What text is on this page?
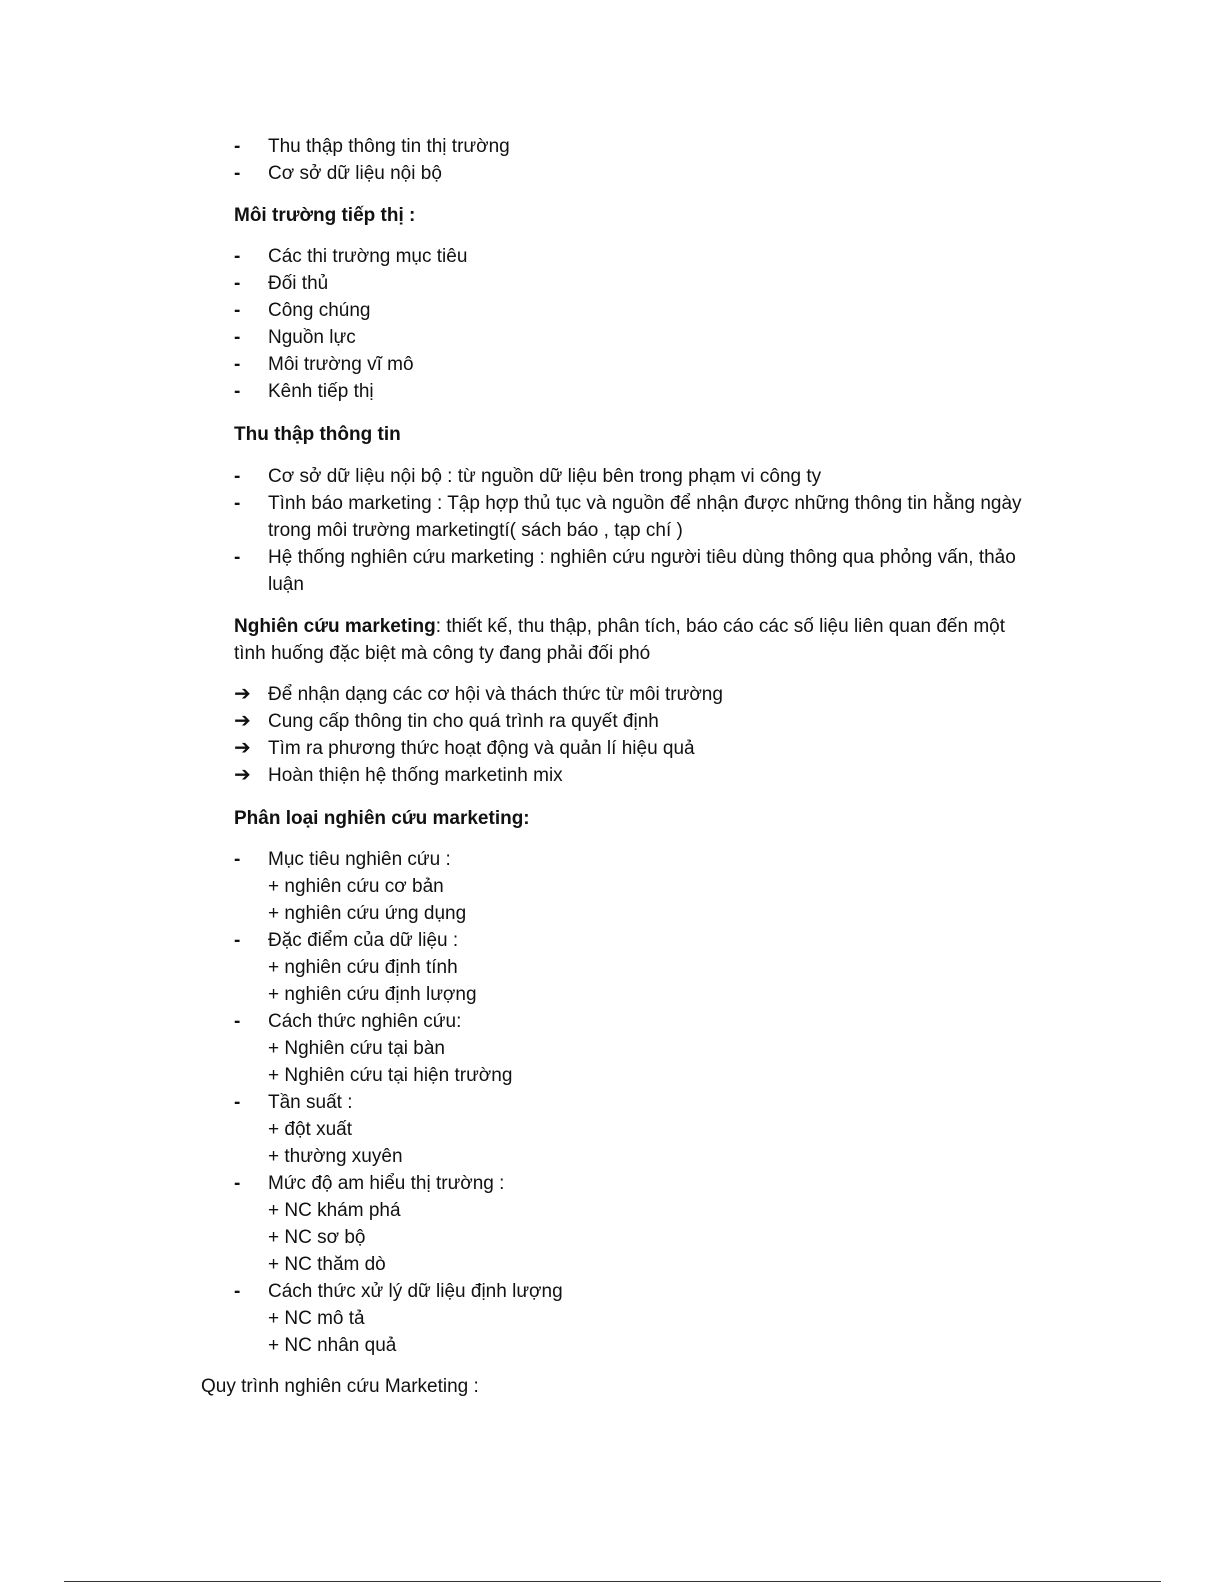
-	Thu thập thông tin thị trường
-	Cơ sở dữ liệu nội bộ
Môi trường tiếp thị :
-	Các thi trường mục tiêu
-	Đối thủ
-	Công chúng
-	Nguồn lực
-	Môi trường vĩ mô
-	Kênh tiếp thị
Thu thập thông tin
-	Cơ sở dữ liệu nội bộ : từ nguồn dữ liệu bên trong phạm vi công ty
-	Tình báo marketing : Tập hợp thủ tục và nguồn để nhận được những thông tin hằng ngày trong môi trường marketingtí( sách báo , tạp chí )
-	Hệ thống nghiên cứu marketing : nghiên cứu người tiêu dùng thông qua phỏng vấn, thảo luận
Nghiên cứu marketing: thiết kế, thu thập, phân tích, báo cáo các số liệu liên quan đến một tình huống đặc biệt mà công ty đang phải đối phó
➔ Để nhận dạng các cơ hội và thách thức từ môi trường
➔ Cung cấp thông tin cho quá trình ra quyết định
➔ Tìm ra phương thức hoạt động và quản lí hiệu quả
➔ Hoàn thiện hệ thống marketinh mix
Phân loại nghiên cứu marketing:
-	Mục tiêu nghiên cứu :
+ nghiên cứu cơ bản
+ nghiên cứu ứng dụng
-	Đặc điểm của dữ liệu :
+ nghiên cứu định tính
+ nghiên cứu định lượng
-	Cách thức nghiên cứu:
+ Nghiên cứu tại bàn
+ Nghiên cứu tại hiện trường
-	Tần suất :
+ đột xuất
+ thường xuyên
-	Mức độ am hiểu thị trường :
+ NC khám phá
+ NC sơ bộ
+ NC thăm dò
-	Cách thức xử lý dữ liệu định lượng
+ NC mô tả
+ NC nhân quả
Quy trình nghiên cứu Marketing :
